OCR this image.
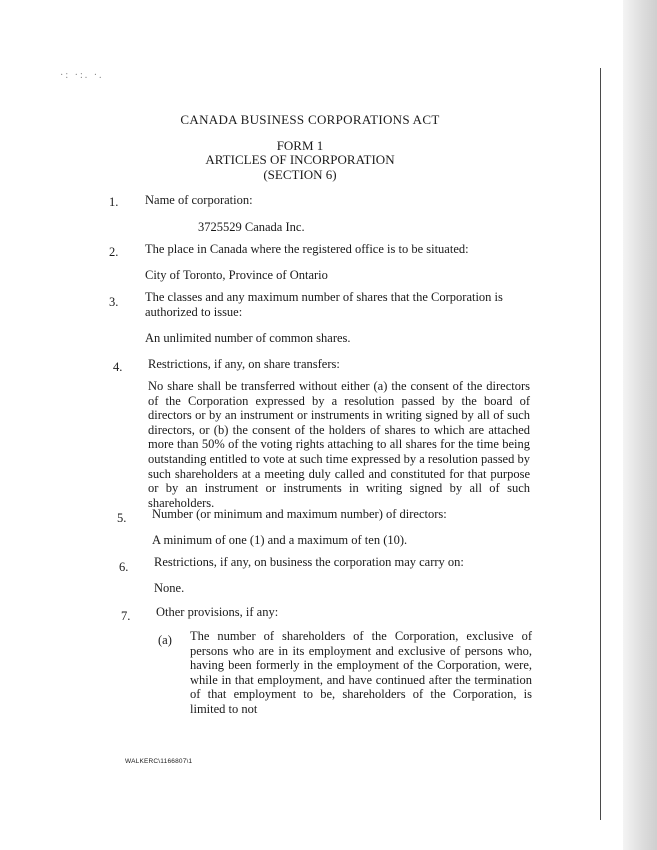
·: ·:. ·.
CANADA BUSINESS CORPORATIONS ACT
FORM 1
ARTICLES OF INCORPORATION
(SECTION 6)
1. Name of corporation:
3725529 Canada Inc.
2. The place in Canada where the registered office is to be situated:
City of Toronto, Province of Ontario
3. The classes and any maximum number of shares that the Corporation is
authorized to issue:
An unlimited number of common shares.
4. Restrictions, if any, on share transfers:
No share shall be transferred without either (a) the consent of the directors of the Corporation expressed by a resolution passed by the board of directors or by an instrument or instruments in writing signed by all of such directors, or (b) the consent of the holders of shares to which are attached more than 50% of the voting rights attaching to all shares for the time being outstanding entitled to vote at such time expressed by a resolution passed by such shareholders at a meeting duly called and constituted for that purpose or by an instrument or instruments in writing signed by all of such shareholders.
5. Number (or minimum and maximum number) of directors:
A minimum of one (1) and a maximum of ten (10).
6. Restrictions, if any, on business the corporation may carry on:
None.
7. Other provisions, if any:
(a) The number of shareholders of the Corporation, exclusive of persons who are in its employment and exclusive of persons who, having been formerly in the employment of the Corporation, were, while in that employment, and have continued after the termination of that employment to be, shareholders of the Corporation, is limited to not
WALKERC\1166807\1
